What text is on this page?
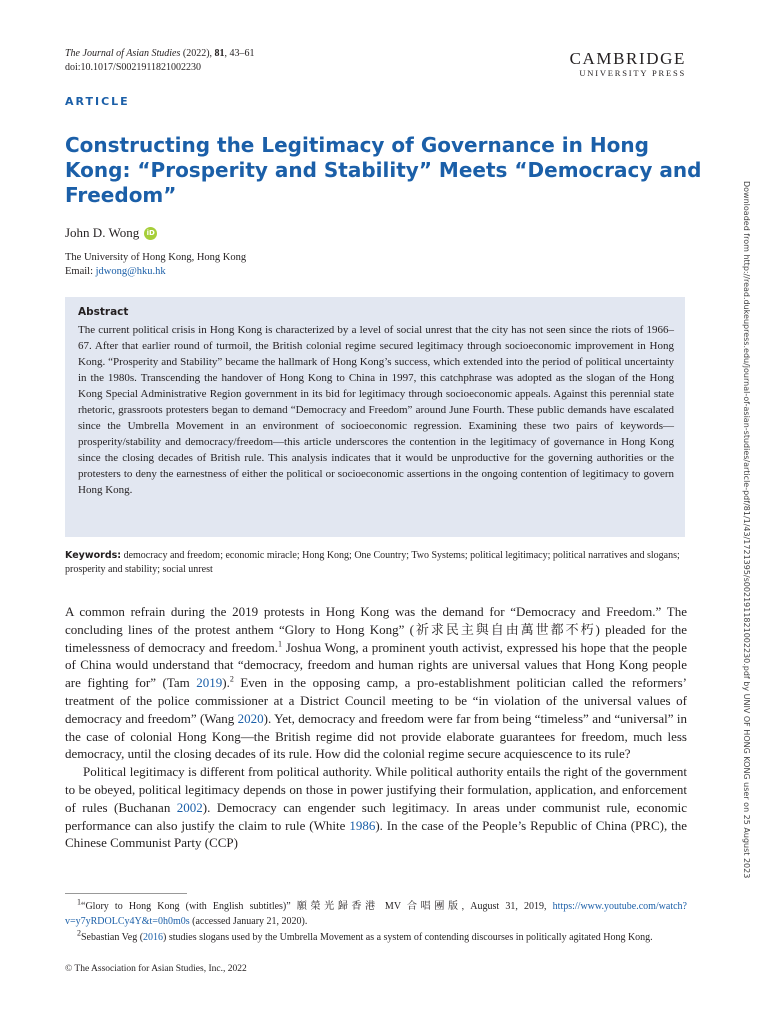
The Journal of Asian Studies (2022), 81, 43–61
doi:10.1017/S0021911821002230	CAMBRIDGE
UNIVERSITY PRESS
ARTICLE
Constructing the Legitimacy of Governance in Hong Kong: “Prosperity and Stability” Meets “Democracy and Freedom”
John D. Wong	iD
The University of Hong Kong, Hong Kong
Email: jdwong@hku.hk
Abstract
The current political crisis in Hong Kong is characterized by a level of social unrest that the city has not seen since the riots of 1966–67. After that earlier round of turmoil, the British colonial regime secured legitimacy through socioeconomic improvement in Hong Kong. “Prosperity and Stability” became the hallmark of Hong Kong’s success, which extended into the period of political uncertainty in the 1980s. Transcending the handover of Hong Kong to China in 1997, this catchphrase was adopted as the slogan of the Hong Kong Special Administrative Region government in its bid for legitimacy through socioeconomic appeals. Against this perennial state rhetoric, grassroots protesters began to demand “Democracy and Freedom” around June Fourth. These public demands have escalated since the Umbrella Movement in an environment of socioeconomic regression. Examining these two pairs of keywords—prosperity/stability and democracy/freedom—this article underscores the contention in the legitimacy of governance in Hong Kong since the closing decades of British rule. This analysis indicates that it would be unproductive for the governing authorities or the protesters to deny the earnestness of either the political or socioeconomic assertions in the ongoing contention of legitimacy to govern Hong Kong.
Keywords: democracy and freedom; economic miracle; Hong Kong; One Country; Two Systems; political legitimacy; political narratives and slogans; prosperity and stability; social unrest

A common refrain during the 2019 protests in Hong Kong was the demand for “Democracy and Freedom.” The concluding lines of the protest anthem “Glory to Hong Kong” (祈求民主與自由萬世都不朽) pleaded for the timelessness of democracy and freedom.$^1$ Joshua Wong, a prominent youth activist, expressed his hope that the people of China would understand that “democracy, freedom and human rights are universal values that Hong Kong people are fighting for” (Tam 2019).$^2$ Even in the opposing camp, a pro-establishment politician called the reformers’ treatment of the police commissioner at a District Council meeting to be “in violation of the universal values of democracy and freedom” (Wang 2020). Yet, democracy and freedom were far from being “timeless” and “universal” in the case of colonial Hong Kong—the British regime did not provide elaborate guarantees for freedom, much less democracy, until the closing decades of its rule. How did the colonial regime secure acquiescence to its rule?

Political legitimacy is different from political authority. While political authority entails the right of the government to be obeyed, political legitimacy depends on those in power justifying their formulation, application, and enforcement of rules (Buchanan 2002). Democracy can engender such legitimacy. In areas under communist rule, economic performance can also justify the claim to rule (White 1986). In the case of the People’s Republic of China (PRC), the Chinese Communist Party (CCP)

$^1$“Glory to Hong Kong (with English subtitles)” 願榮光歸香港 MV 合唱團版, August 31, 2019, https://www.youtube.com/watch?v=y7yRDOLCy4Y&t=0h0m0s (accessed January 21, 2020).

$^2$Sebastian Veg (2016) studies slogans used by the Umbrella Movement as a system of contending discourses in politically agitated Hong Kong.

© The Association for Asian Studies, Inc., 2022
Downloaded from http://read.dukeupress.edu/journal-of-asian-studies/article-pdf/81/1/43/1721395/s0021911821002230.pdf by UNIV OF HONG KONG user on 25 August 2023
